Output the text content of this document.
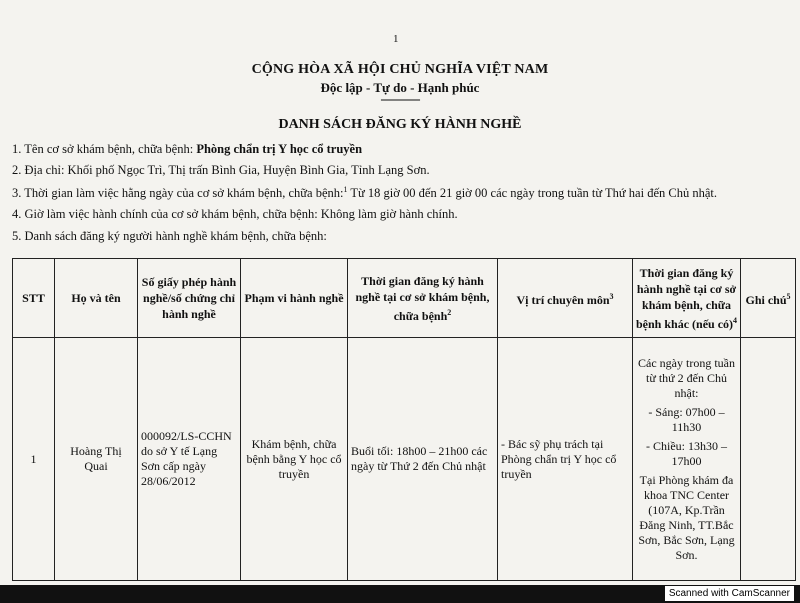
1
CỘNG HÒA XÃ HỘI CHỦ NGHĨA VIỆT NAM
Độc lập - Tự do - Hạnh phúc
-------------
DANH SÁCH ĐĂNG KÝ HÀNH NGHỀ
1. Tên cơ sở khám bệnh, chữa bệnh: Phòng chẩn trị Y học cổ truyền
2. Địa chỉ: Khối phố Ngọc Trì, Thị trấn Bình Gia, Huyện Bình Gia, Tỉnh Lạng Sơn.
3. Thời gian làm việc hằng ngày của cơ sở khám bệnh, chữa bệnh:$^1$ Từ 18 giờ 00 đến 21 giờ 00 các ngày trong tuần từ Thứ hai đến Chủ nhật.
4. Giờ làm việc hành chính của cơ sở khám bệnh, chữa bệnh: Không làm giờ hành chính.
5. Danh sách đăng ký người hành nghề khám bệnh, chữa bệnh:
STT	Họ và tên	Số giấy phép hành nghề/số chứng chỉ hành nghề	Phạm vi hành nghề	Thời gian đăng ký hành nghề tại cơ sở khám bệnh, chữa bệnh$^2$	Vị trí chuyên môn$^3$	Thời gian đăng ký hành nghề tại cơ sở khám bệnh, chữa bệnh khác (nếu có)$^4$	Ghi chú$^5$
1	Hoàng Thị Quai	000092/LS-CCHN do sở Y tế Lạng Sơn cấp ngày 28/06/2012	Khám bệnh, chữa bệnh bằng Y học cổ truyền	Buổi tối: 18h00 – 21h00 các ngày từ Thứ 2 đến Chủ nhật	- Bác sỹ phụ trách tại Phòng chẩn trị Y học cổ truyền	Các ngày trong tuần từ thứ 2 đến Chủ nhật:
- Sáng: 07h00 – 11h30
- Chiều: 13h30 – 17h00
Tại Phòng khám đa khoa TNC Center (107A, Kp.Trần Đăng Ninh, TT.Bắc Sơn, Bắc Sơn, Lạng Sơn.	

Scanned with CamScanner
